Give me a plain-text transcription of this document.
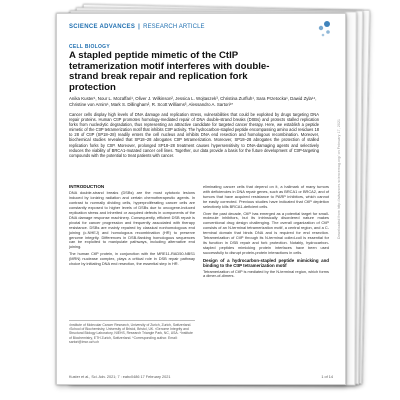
SCIENCE ADVANCES | RESEARCH ARTICLE
CELL BIOLOGY
A stapled peptide mimetic of the CtIP tetramerization motif interferes with double-strand break repair and replication fork protection
Anika Kuster¹, Nour L. Mozaffari¹, Oliver J. Wilkinson², Jessica L. Wojtaszek³, Christina Zurfluh¹, Sara Przetocka¹, Dawid Zyla¹⁴, Christine von Arnim¹, Mark S. Dillingham², R. Scott Williams³, Alessandro A. Sartori¹*
Cancer cells display high levels of DNA damage and replication stress, vulnerabilities that could be exploited by drugs targeting DNA repair proteins. Human CtIP promotes homology-mediated repair of DNA double-strand breaks (DSBs) and protects stalled replication forks from nucleolytic degradation, thus representing an attractive candidate for targeted cancer therapy. Here, we establish a peptide mimetic of the CtIP tetramerization motif that inhibits CtIP activity. The hydrocarbon-stapled peptide encompassing amino acid residues 18 to 28 of CtIP (SP18–28) readily enters the cell nucleus and inhibits DNA end resection and homologous recombination. Moreover, biochemical studies revealed that SP18–28 abrogates CtIP tetramerization. Moreover, SP18–28 abrogates the protection of stalled replication forks by CtIP. Moreover, prolonged SP18–28 treatment causes hypersensitivity to DNA-damaging agents and selectively reduces the viability of BRCA1-mutated cancer cell lines. Together, our data provide a basis for the future development of CtIP-targeting compounds with the potential to treat patients with cancer.
INTRODUCTION

DNA double-strand breaks (DSBs) are the most cytotoxic lesions induced by ionizing radiation and certain chemotherapeutic agents. In contrast to normally dividing cells, hyperproliferating cancer cells are constantly exposed to higher levels of DSBs due to oncogene-induced replication stress and inherited or acquired defects in components of the DNA damage response machinery. Consequently, efficient DSB repair is pivotal for cancer progression and frequently associated with therapy resistance. DSBs are mainly repaired by classical nonhomologous end joining (c-NHEJ) and homologous recombination (HR) to preserve genome integrity. Differences in DSB-flanking homologous sequences can be exploited to manipulate pathways, including alternative end joining.

The human CtIP protein, in conjunction with the MRE11-RAD50-NBS1 (MRN) nuclease complex, plays a critical role in DSB repair pathway choice by initiating DNA end resection, the essential step in HR.

¹Institute of Molecular Cancer Research, University of Zurich, Zurich, Switzerland. ²School of Biochemistry, University of Bristol, Bristol, UK. ³Genome Integrity and Structural Biology Laboratory, NIEHS, Research Triangle Park, NC, USA. ⁴Institute of Biochemistry, ETH Zurich, Switzerland. *Corresponding author. Email: sartori@imcr.uzh.ch

eliminating cancer cells that depend on it, a hallmark of many tumors with deficiencies in DNA repair genes, such as BRCA1 or BRCA2, and of tumors that have acquired resistance to PARP inhibitors, which cannot be easily corrected. Previous studies have indicated that CtIP depletion selectively kills BRCA1-deficient cells.

Over the past decade, CtIP has emerged as a potential target for small-molecule inhibitors, but its intrinsically disordered nature makes conventional drug design challenging. The overall organization of CtIP consists of an N-terminal tetramerization motif, a central region, and a C-terminal domain that binds DNA and is required for end resection. Tetramerization of CtIP through its N-terminal coiled-coil is essential for its function in DSB repair and fork protection. Notably, hydrocarbon-stapled peptides mimicking protein interfaces have been used successfully to disrupt protein-protein interactions in cells.

Design of a hydrocarbon-stapled peptide mimicking and binding to the CtIP tetramerization motif

Tetramerization of CtIP is mediated by the N-terminal region, which forms a dimer-of-dimers.

Downloaded from http://advances.sciencemag.org/ on February 17, 2021
Kuster et al., Sci. Adv. 2021; 7 : eabc0486 17 February 2021	1 of 14
